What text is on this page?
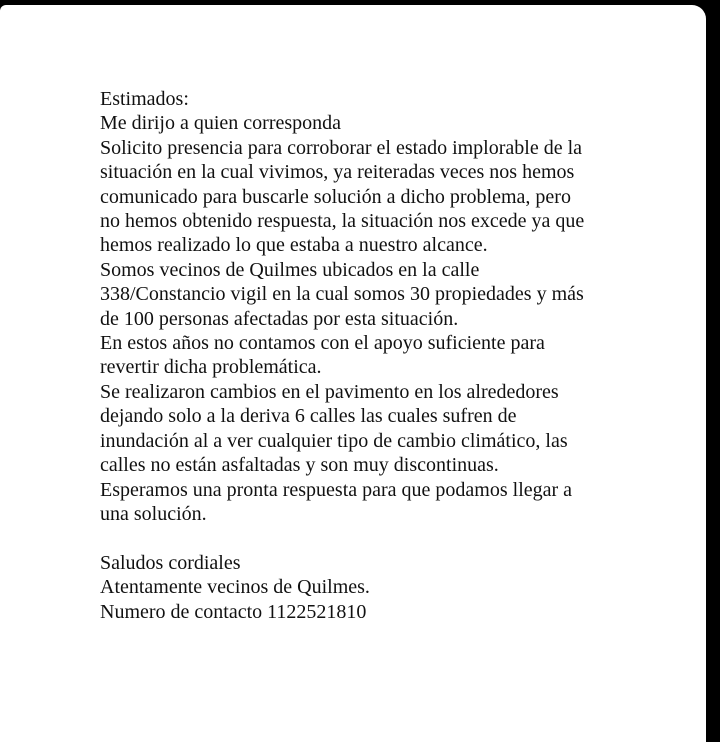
Estimados:
Me dirijo a quien corresponda
Solicito presencia para corroborar el estado implorable de la
situación en la cual vivimos, ya reiteradas veces nos hemos
comunicado para buscarle solución a dicho problema, pero
no hemos obtenido respuesta, la situación nos excede ya que
hemos realizado lo que estaba a nuestro alcance.
Somos vecinos de Quilmes ubicados en la calle
338/Constancio vigil en la cual somos 30 propiedades y más
de 100 personas afectadas por esta situación.
En estos años no contamos con el apoyo suficiente para
revertir dicha problemática.
Se realizaron cambios en el pavimento en los alrededores
dejando solo a la deriva 6 calles las cuales sufren de
inundación al a ver cualquier tipo de cambio climático, las
calles no están asfaltadas y son muy discontinuas.
Esperamos una pronta respuesta para que podamos llegar a
una solución.
Saludos cordiales
Atentamente vecinos de Quilmes.
Numero de contacto 1122521810
